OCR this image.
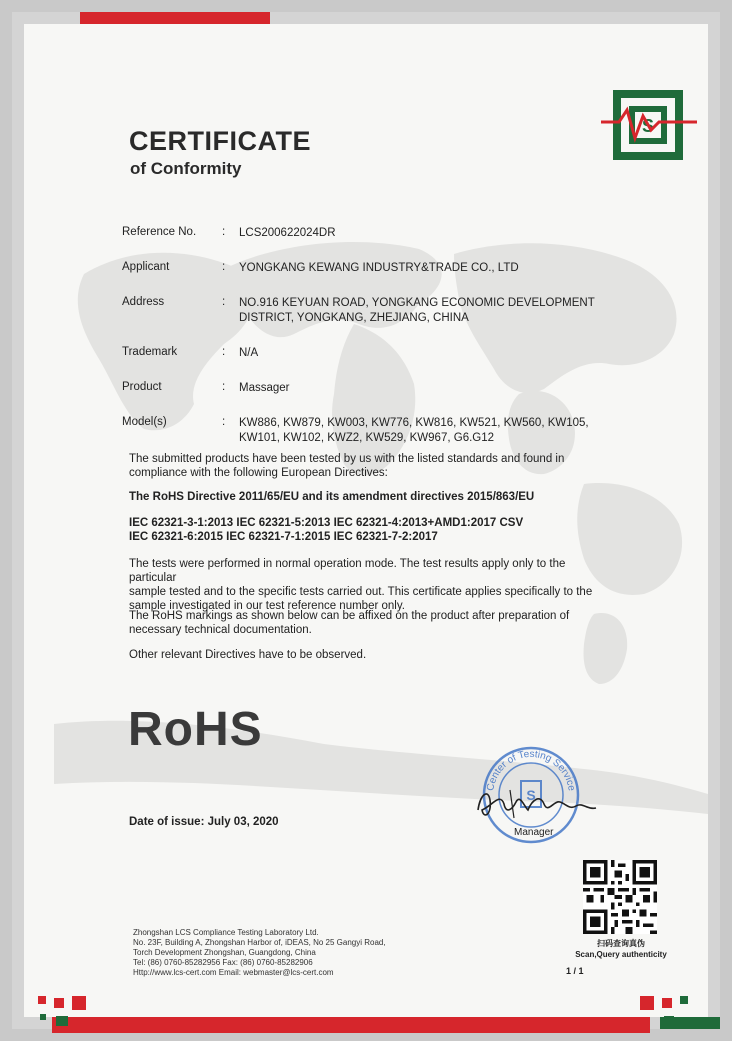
S
CERTIFICATE
of Conformity
Reference No.	: LCS200622024DR
Applicant	: YONGKANG KEWANG INDUSTRY&TRADE CO., LTD
Address	: NO.916 KEYUAN ROAD, YONGKANG ECONOMIC DEVELOPMENT
DISTRICT, YONGKANG, ZHEJIANG, CHINA
Trademark	: N/A
Product	: Massager
Model(s)	: KW886, KW879, KW003, KW776, KW816, KW521, KW560, KW105,
KW101, KW102, KWZ2, KW529, KW967, G6.G12
The submitted products have been tested by us with the listed standards and found in
compliance with the following European Directives:
The RoHS Directive 2011/65/EU and its amendment directives 2015/863/EU
IEC 62321-3-1:2013 IEC 62321-5:2013 IEC 62321-4:2013+AMD1:2017 CSV
IEC 62321-6:2015 IEC 62321-7-1:2015 IEC 62321-7-2:2017
The tests were performed in normal operation mode. The test results apply only to the particular
sample tested and to the specific tests carried out. This certificate applies specifically to the
sample investigated in our test reference number only.
The RoHS markings as shown below can be affixed on the product after preparation of
necessary technical documentation.
Other relevant Directives have to be observed.
RoHS
Date of issue: July 03, 2020
Center of Testing Service
S
Manager
扫码查询真伪
Scan,Query authenticity
1 / 1
Zhongshan LCS Compliance Testing Laboratory Ltd.
No. 23F, Building A, Zhongshan Harbor of, iDEAS, No 25 Gangyi Road,
Torch Development Zhongshan, Guangdong, China
Tel: (86) 0760-85282956 Fax: (86) 0760-85282906
Http://www.lcs-cert.com Email: webmaster@lcs-cert.com
